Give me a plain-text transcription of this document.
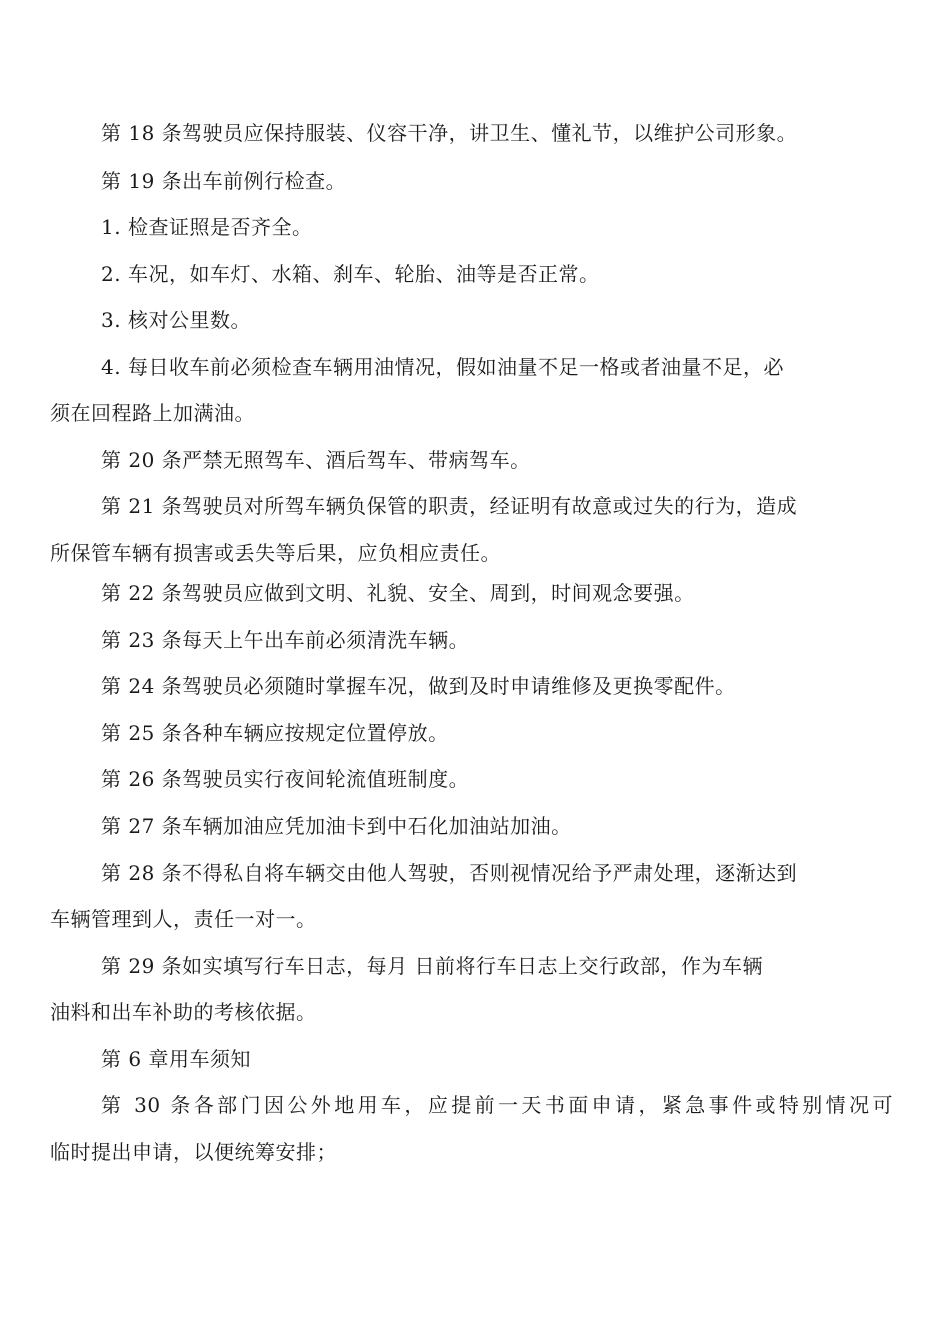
第 18 条驾驶员应保持服装、仪容干净，讲卫生、懂礼节，以维护公司形象。
第 19 条出车前例行检查。
1. 检查证照是否齐全。
2. 车况，如车灯、水箱、刹车、轮胎、油等是否正常。
3. 核对公里数。
4. 每日收车前必须检查车辆用油情况，假如油量不足一格或者油量不足，必
须在回程路上加满油。
第 20 条严禁无照驾车、酒后驾车、带病驾车。
第 21 条驾驶员对所驾车辆负保管的职责，经证明有故意或过失的行为，造成
所保管车辆有损害或丢失等后果，应负相应责任。
第 22 条驾驶员应做到文明、礼貌、安全、周到，时间观念要强。
第 23 条每天上午出车前必须清洗车辆。
第 24 条驾驶员必须随时掌握车况，做到及时申请维修及更换零配件。
第 25 条各种车辆应按规定位置停放。
第 26 条驾驶员实行夜间轮流值班制度。
第 27 条车辆加油应凭加油卡到中石化加油站加油。
第 28 条不得私自将车辆交由他人驾驶，否则视情况给予严肃处理，逐渐达到
车辆管理到人，责任一对一。
第 29 条如实填写行车日志，每月 日前将行车日志上交行政部，作为车辆
油料和出车补助的考核依据。
第 6 章用车须知
第 30 条各部门因公外地用车，应提前一天书面申请，紧急事件或特别情况可
临时提出申请，以便统筹安排；
